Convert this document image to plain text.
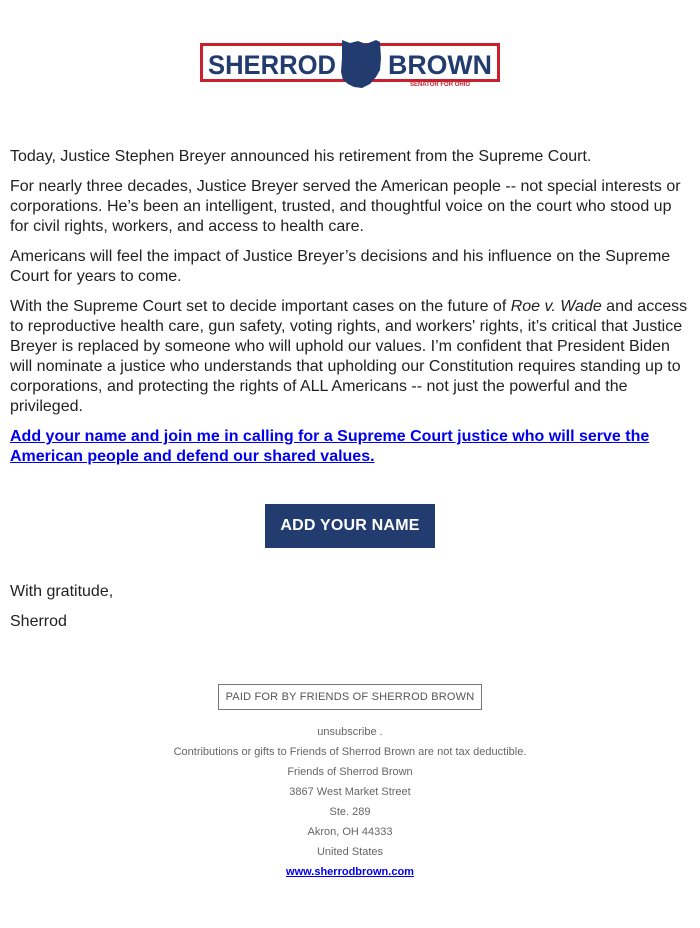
SHERROD BROWN
SENATOR FOR OHIO

Today, Justice Stephen Breyer announced his retirement from the Supreme Court.

For nearly three decades, Justice Breyer served the American people -- not special interests or corporations. He’s been an intelligent, trusted, and thoughtful voice on the court who stood up for civil rights, workers, and access to health care.

Americans will feel the impact of Justice Breyer’s decisions and his influence on the Supreme Court for years to come.

With the Supreme Court set to decide important cases on the future of Roe v. Wade and access to reproductive health care, gun safety, voting rights, and workers' rights, it’s critical that Justice Breyer is replaced by someone who will uphold our values. I’m confident that President Biden will nominate a justice who understands that upholding our Constitution requires standing up to corporations, and protecting the rights of ALL Americans -- not just the powerful and the privileged.

Add your name and join me in calling for a Supreme Court justice who will serve the American people and defend our shared values.
ADD YOUR NAME
With gratitude,
Sherrod
PAID FOR BY FRIENDS OF SHERROD BROWN
unsubscribe .
Contributions or gifts to Friends of Sherrod Brown are not tax deductible.
Friends of Sherrod Brown
3867 West Market Street
Ste. 289
Akron, OH 44333
United States
www.sherrodbrown.com
